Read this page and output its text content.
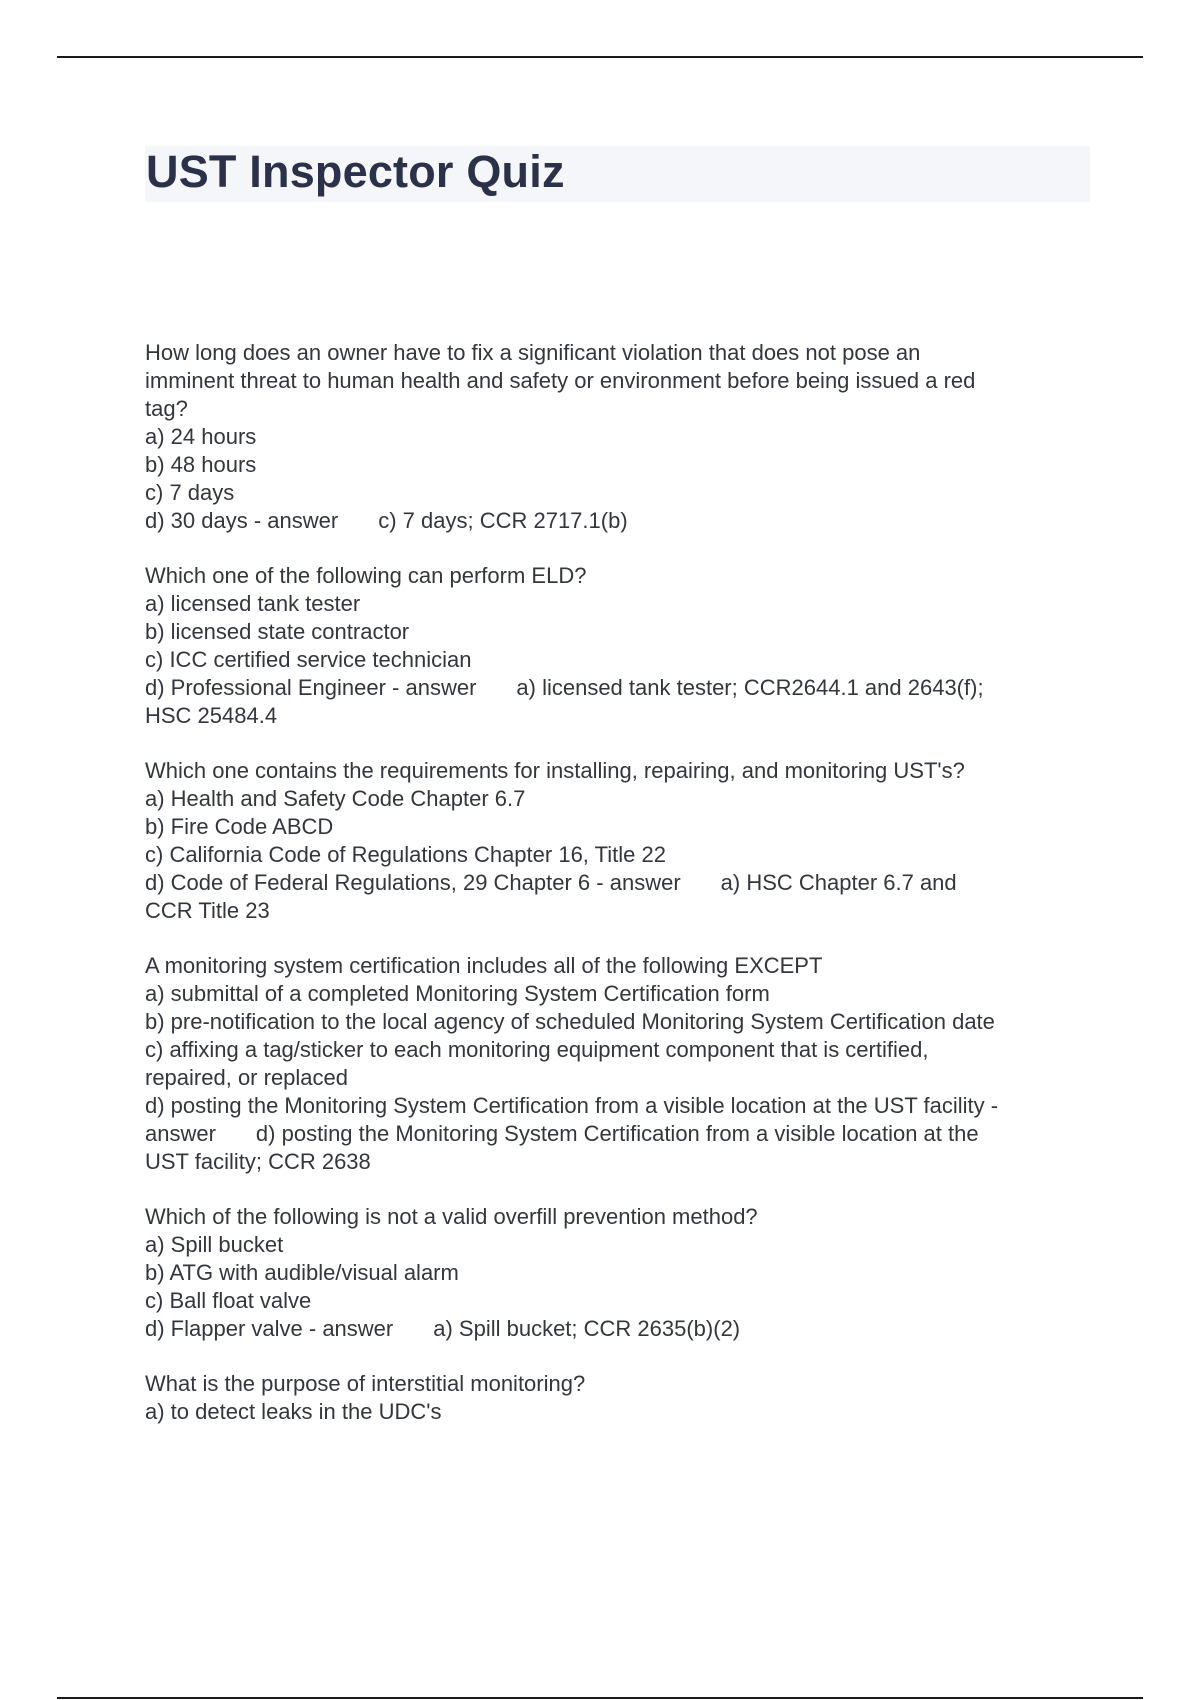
UST Inspector Quiz
How long does an owner have to fix a significant violation that does not pose an
imminent threat to human health and safety or environment before being issued a red
tag?
a) 24 hours
b) 48 hours
c) 7 days
d) 30 days - answer c) 7 days; CCR 2717.1(b)
Which one of the following can perform ELD?
a) licensed tank tester
b) licensed state contractor
c) ICC certified service technician
d) Professional Engineer - answer a) licensed tank tester; CCR2644.1 and 2643(f);
HSC 25484.4
Which one contains the requirements for installing, repairing, and monitoring UST's?
a) Health and Safety Code Chapter 6.7
b) Fire Code ABCD
c) California Code of Regulations Chapter 16, Title 22
d) Code of Federal Regulations, 29 Chapter 6 - answer a) HSC Chapter 6.7 and
CCR Title 23
A monitoring system certification includes all of the following EXCEPT
a) submittal of a completed Monitoring System Certification form
b) pre-notification to the local agency of scheduled Monitoring System Certification date
c) affixing a tag/sticker to each monitoring equipment component that is certified,
repaired, or replaced
d) posting the Monitoring System Certification from a visible location at the UST facility -
answer d) posting the Monitoring System Certification from a visible location at the
UST facility; CCR 2638
Which of the following is not a valid overfill prevention method?
a) Spill bucket
b) ATG with audible/visual alarm
c) Ball float valve
d) Flapper valve - answer a) Spill bucket; CCR 2635(b)(2)
What is the purpose of interstitial monitoring?
a) to detect leaks in the UDC's
